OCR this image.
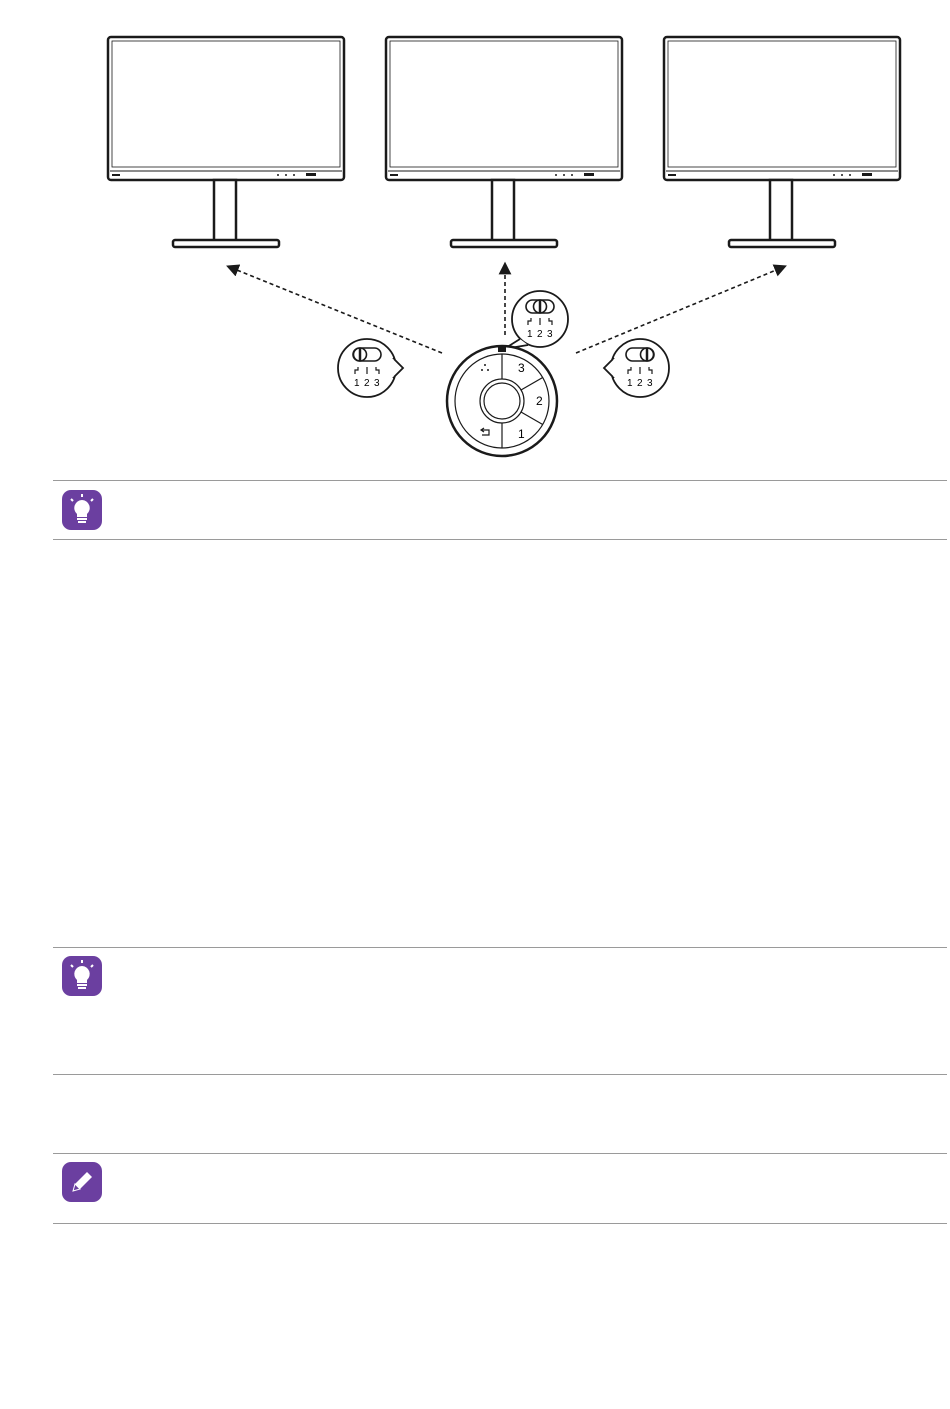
1 2 3
1 2 3
1 2 3
3
2
1
